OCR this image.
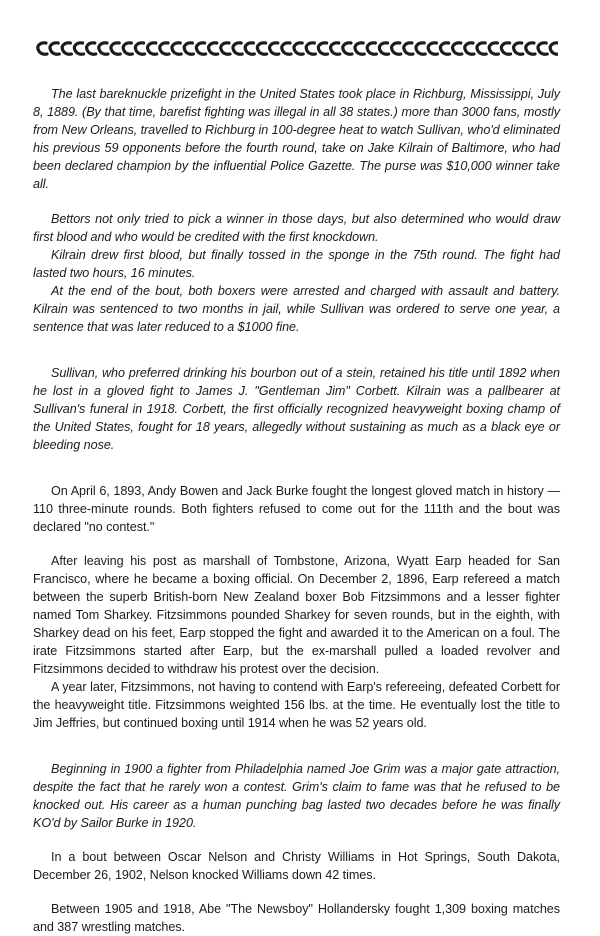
The last bareknuckle prizefight in the United States took place in Richburg, Mississippi, July 8, 1889. (By that time, barefist fighting was illegal in all 38 states.) more than 3000 fans, mostly from New Orleans, travelled to Richburg in 100-degree heat to watch Sullivan, who'd eliminated his previous 59 opponents before the fourth round, take on Jake Kilrain of Baltimore, who had been declared champion by the influential Police Gazette. The purse was $10,000 winner take all.

Bettors not only tried to pick a winner in those days, but also determined who would draw first blood and who would be credited with the first knockdown.

Kilrain drew first blood, but finally tossed in the sponge in the 75th round. The fight had lasted two hours, 16 minutes.

At the end of the bout, both boxers were arrested and charged with assault and battery. Kilrain was sentenced to two months in jail, while Sullivan was ordered to serve one year, a sentence that was later reduced to a $1000 fine.

Sullivan, who preferred drinking his bourbon out of a stein, retained his title until 1892 when he lost in a gloved fight to James J. "Gentleman Jim" Corbett. Kilrain was a pallbearer at Sullivan's funeral in 1918. Corbett, the first officially recognized heavyweight boxing champ of the United States, fought for 18 years, allegedly without sustaining as much as a black eye or bleeding nose.

On April 6, 1893, Andy Bowen and Jack Burke fought the longest gloved match in history — 110 three-minute rounds. Both fighters refused to come out for the 111th and the bout was declared "no contest."

After leaving his post as marshall of Tombstone, Arizona, Wyatt Earp headed for San Francisco, where he became a boxing official. On December 2, 1896, Earp refereed a match between the superb British-born New Zealand boxer Bob Fitzsimmons and a lesser fighter named Tom Sharkey. Fitzsimmons pounded Sharkey for seven rounds, but in the eighth, with Sharkey dead on his feet, Earp stopped the fight and awarded it to the American on a foul. The irate Fitzsimmons started after Earp, but the ex-marshall pulled a loaded revolver and Fitzsimmons decided to withdraw his protest over the decision.

A year later, Fitzsimmons, not having to contend with Earp's refereeing, defeated Corbett for the heavyweight title. Fitzsimmons weighted 156 lbs. at the time. He eventually lost the title to Jim Jeffries, but continued boxing until 1914 when he was 52 years old.

Beginning in 1900 a fighter from Philadelphia named Joe Grim was a major gate attraction, despite the fact that he rarely won a contest. Grim's claim to fame was that he refused to be knocked out. His career as a human punching bag lasted two decades before he was finally KO'd by Sailor Burke in 1920.

In a bout between Oscar Nelson and Christy Williams in Hot Springs, South Dakota, December 26, 1902, Nelson knocked Williams down 42 times.

Between 1905 and 1918, Abe "The Newsboy" Hollandersky fought 1,309 boxing matches and 387 wrestling matches.
